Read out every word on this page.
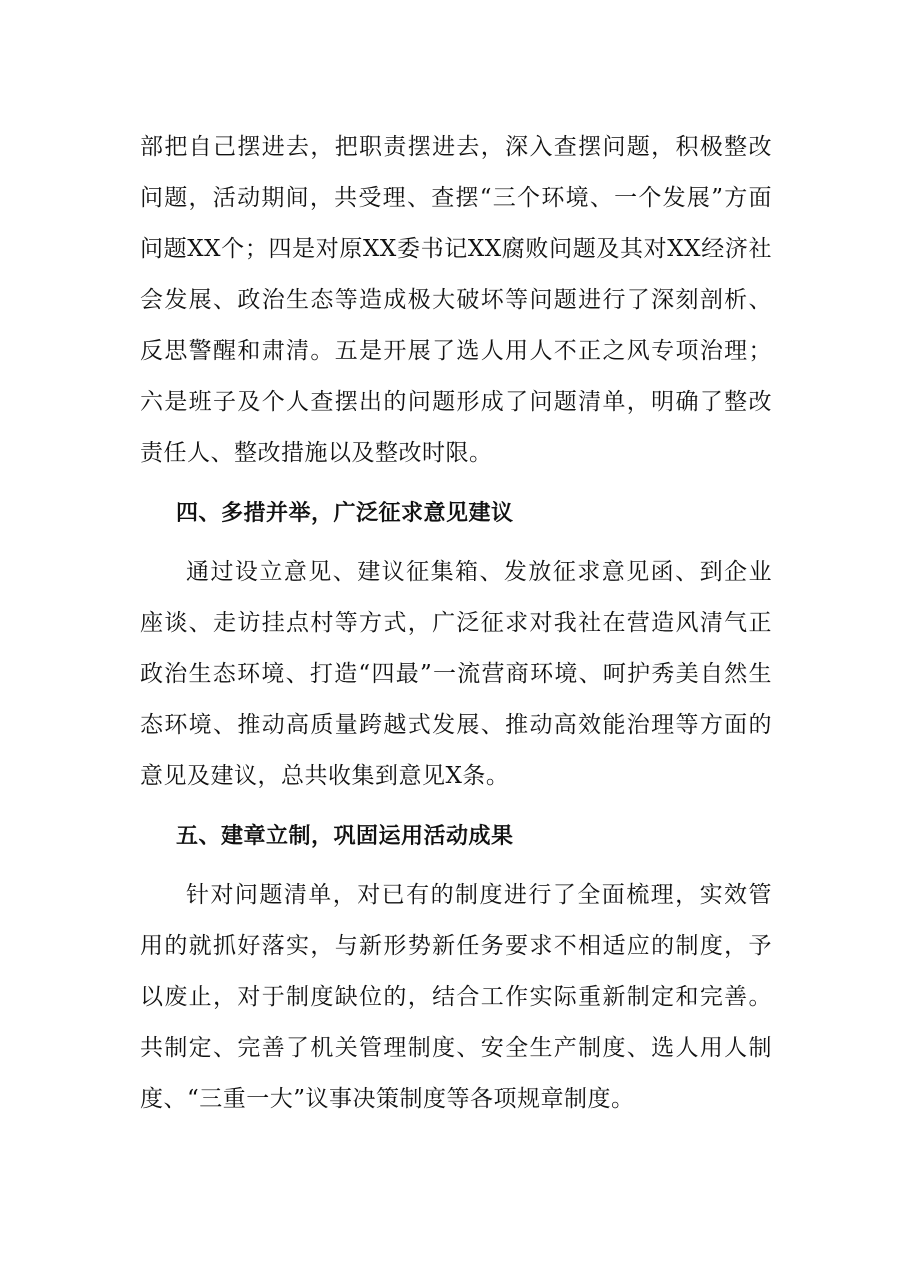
部把自己摆进去，把职责摆进去，深入查摆问题，积极整改问题，活动期间，共受理、查摆“三个环境、一个发展”方面问题XX个；四是对原XX委书记XX腐败问题及其对XX经济社会发展、政治生态等造成极大破坏等问题进行了深刻剖析、反思警醒和肃清。五是开展了选人用人不正之风专项治理；六是班子及个人查摆出的问题形成了问题清单，明确了整改责任人、整改措施以及整改时限。

四、多措并举，广泛征求意见建议

通过设立意见、建议征集箱、发放征求意见函、到企业座谈、走访挂点村等方式，广泛征求对我社在营造风清气正政治生态环境、打造“四最”一流营商环境、呵护秀美自然生态环境、推动高质量跨越式发展、推动高效能治理等方面的意见及建议，总共收集到意见X条。

五、建章立制，巩固运用活动成果

针对问题清单，对已有的制度进行了全面梳理，实效管用的就抓好落实，与新形势新任务要求不相适应的制度，予以废止，对于制度缺位的，结合工作实际重新制定和完善。共制定、完善了机关管理制度、安全生产制度、选人用人制度、“三重一大”议事决策制度等各项规章制度。
